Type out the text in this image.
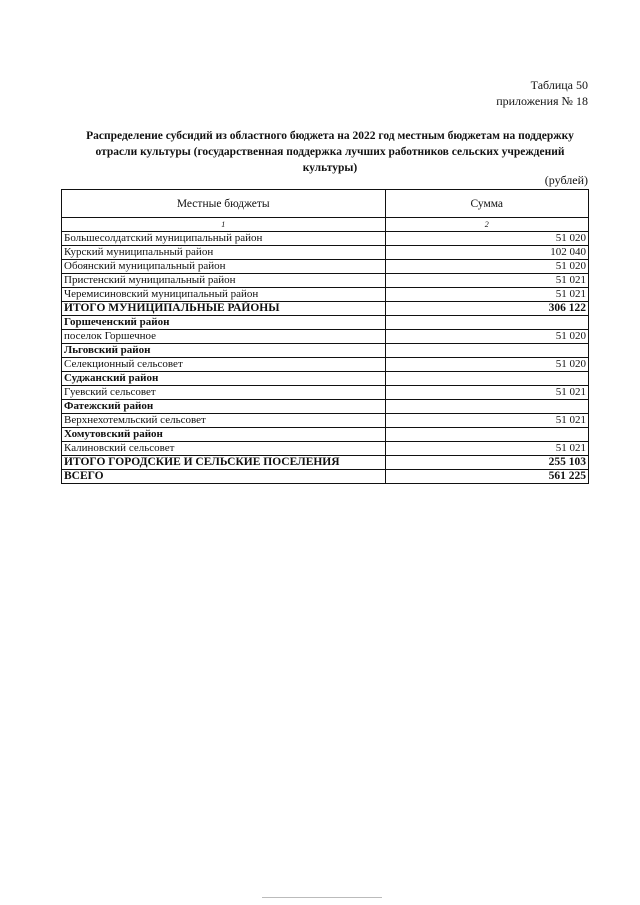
Таблица 50
приложения № 18
Распределение субсидий из областного бюджета на 2022 год местным бюджетам на поддержку отрасли культуры (государственная поддержка лучших работников сельских учреждений культуры)
(рублей)
Местные бюджеты	Сумма
1	2
Большесолдатский муниципальный район	51 020
Курский муниципальный район	102 040
Обоянский муниципальный район	51 020
Пристенский муниципальный район	51 021
Черемисиновский муниципальный район	51 021
ИТОГО МУНИЦИПАЛЬНЫЕ РАЙОНЫ	306 122
Горшеченский район	
поселок Горшечное	51 020
Льговский район	
Селекционный сельсовет	51 020
Суджанский район	
Гуевский сельсовет	51 021
Фатежский район	
Верхнехотемльский сельсовет	51 021
Хомутовский район	
Калиновский сельсовет	51 021
ИТОГО ГОРОДСКИЕ И СЕЛЬСКИЕ ПОСЕЛЕНИЯ	255 103
ВСЕГО	561 225
